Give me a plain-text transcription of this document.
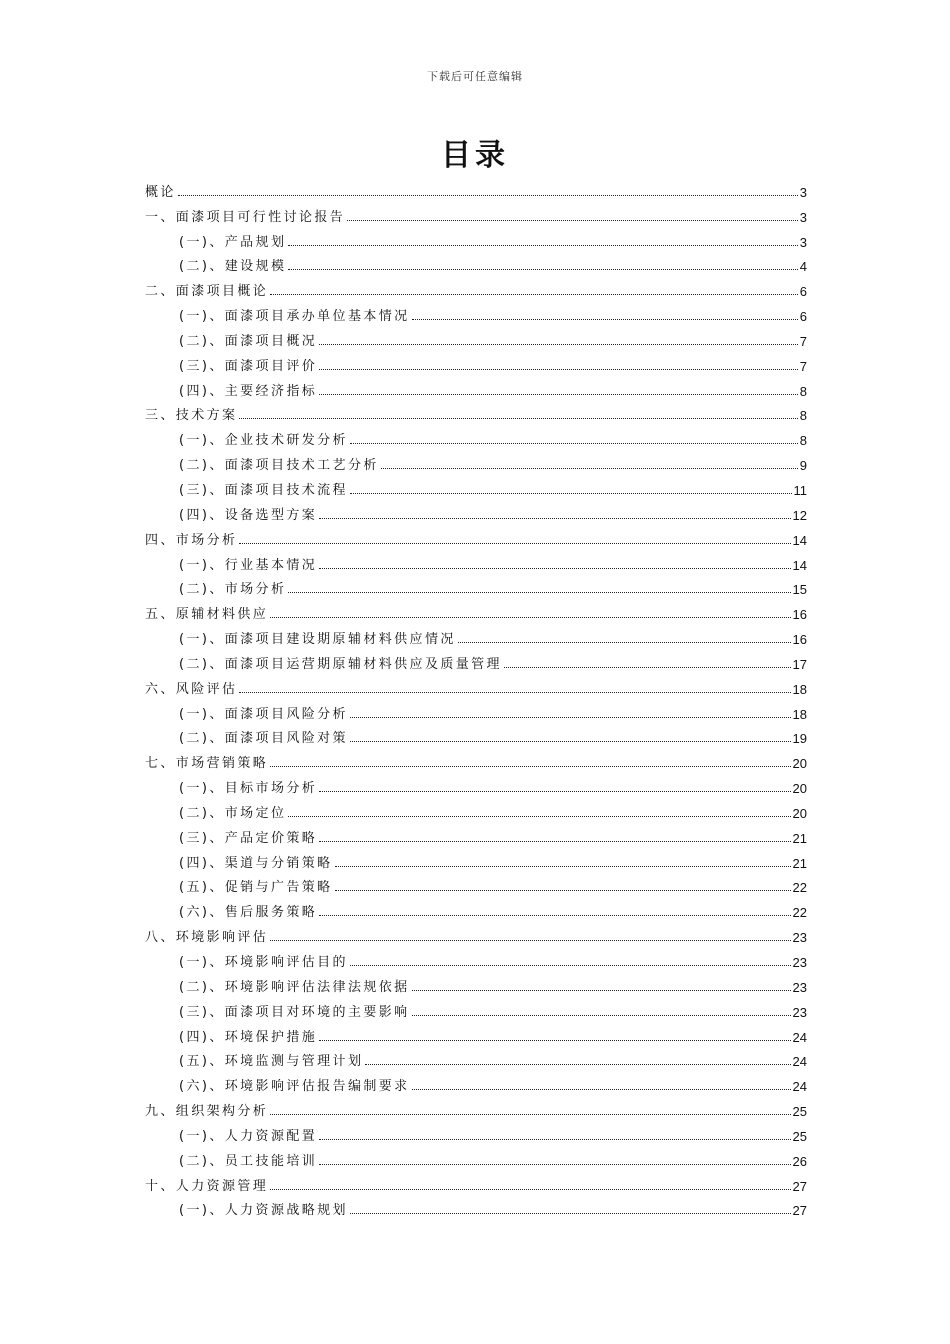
下载后可任意编辑
目录
概论	3
一、面漆项目可行性讨论报告	3
(一)、产品规划	3
(二)、建设规模	4
二、面漆项目概论	6
(一)、面漆项目承办单位基本情况	6
(二)、面漆项目概况	7
(三)、面漆项目评价	7
(四)、主要经济指标	8
三、技术方案	8
(一)、企业技术研发分析	8
(二)、面漆项目技术工艺分析	9
(三)、面漆项目技术流程	11
(四)、设备选型方案	12
四、市场分析	14
(一)、行业基本情况	14
(二)、市场分析	15
五、原辅材料供应	16
(一)、面漆项目建设期原辅材料供应情况	16
(二)、面漆项目运营期原辅材料供应及质量管理	17
六、风险评估	18
(一)、面漆项目风险分析	18
(二)、面漆项目风险对策	19
七、市场营销策略	20
(一)、目标市场分析	20
(二)、市场定位	20
(三)、产品定价策略	21
(四)、渠道与分销策略	21
(五)、促销与广告策略	22
(六)、售后服务策略	22
八、环境影响评估	23
(一)、环境影响评估目的	23
(二)、环境影响评估法律法规依据	23
(三)、面漆项目对环境的主要影响	23
(四)、环境保护措施	24
(五)、环境监测与管理计划	24
(六)、环境影响评估报告编制要求	24
九、组织架构分析	25
(一)、人力资源配置	25
(二)、员工技能培训	26
十、人力资源管理	27
(一)、人力资源战略规划	27
